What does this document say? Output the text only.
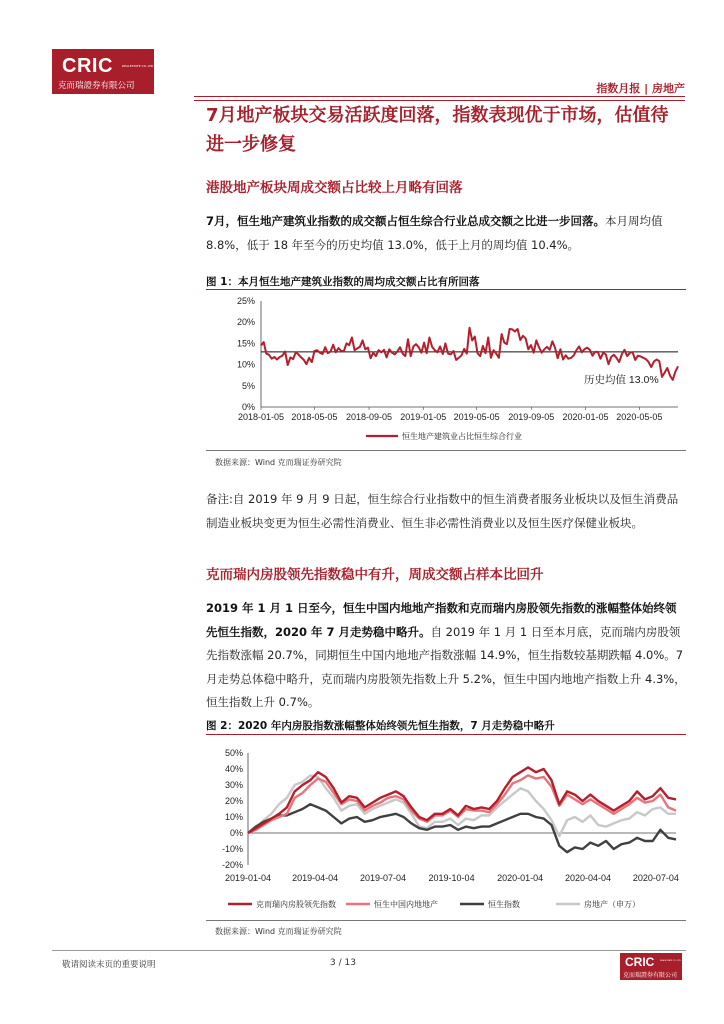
CRIC	REALESTATE CO.,LTD
克而瑞證券有限公司	指数月报 | 房地产
7月地产板块交易活跃度回落，指数表现优于市场，估值待进一步修复
港股地产板块周成交额占比较上月略有回落
7月，恒生地产建筑业指数的成交额占恒生综合行业总成交额之比进一步回落。本月周均值 8.8%，低于 18 年至今的历史均值 13.0%，低于上月的周均值 10.4%。
图 1：本月恒生地产建筑业指数的周均成交额占比有所回落
0%
5%
10%
15%
20%
25%
2018-01-05 2018-05-05 2018-09-05 2019-01-05 2019-05-05 2019-09-05 2020-01-05 2020-05-05
历史均值 13.0%
恒生地产建筑业占比恒生综合行业
数据来源：Wind 克而瑞证券研究院
备注:自 2019 年 9 月 9 日起，恒生综合行业指数中的恒生消费者服务业板块以及恒生消费品制造业板块变更为恒生必需性消费业、恒生非必需性消费业以及恒生医疗保健业板块。
克而瑞内房股领先指数稳中有升，周成交额占样本比回升
2019 年 1 月 1 日至今，恒生中国内地地产指数和克而瑞内房股领先指数的涨幅整体始终领先恒生指数，2020 年 7 月走势稳中略升。自 2019 年 1 月 1 日至本月底，克而瑞内房股领先指数涨幅 20.7%，同期恒生中国内地地产指数涨幅 14.9%，恒生指数较基期跌幅 4.0%。7 月走势总体稳中略升，克而瑞内房股领先指数上升 5.2%，恒生中国内地地产指数上升 4.3%，恒生指数上升 0.7%。
图 2：2020 年内房股指数涨幅整体始终领先恒生指数，7 月走势稳中略升
-20%
-10%
0%
10%
20%
30%
40%
50%
2019-01-04 2019-04-04 2019-07-04	2019-10-04	2020-01-04 2020-04-04 2020-07-04
克而瑞内房股领先指数	恒生中国内地地产	恒生指数	房地产（申万）
数据来源：Wind 克而瑞证券研究院
敬请阅读末页的重要说明	3 / 13	CRIC	REALESTATE CO.,LTD
克而瑞證券有限公司
